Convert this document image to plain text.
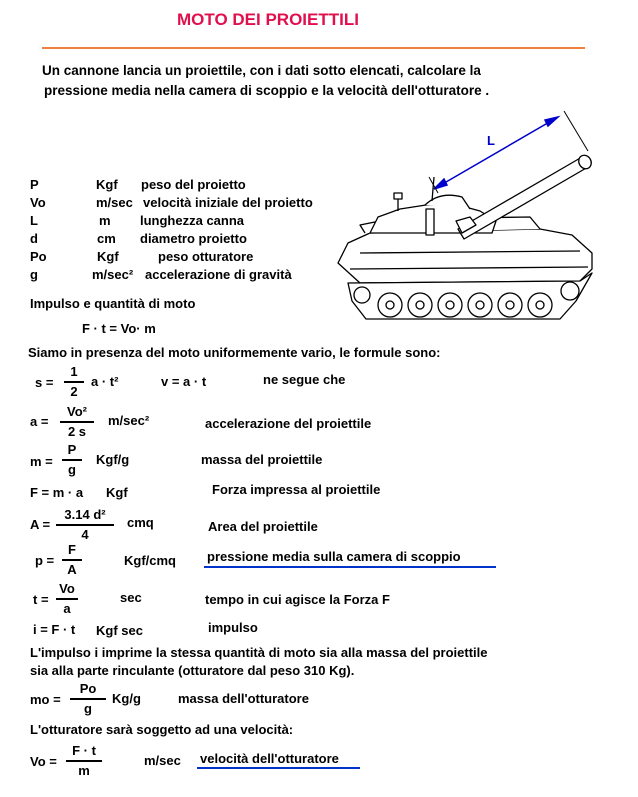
MOTO DEI PROIETTILI
Un cannone lancia un proiettile, con i dati sotto elencati, calcolare la
pressione media nella camera di scoppio e la velocità dell'otturatore .
P	Kgf peso del proietto
Vo	m/sec velocità iniziale del proietto
L	m lunghezza canna
d	cm diametro proietto
Po	Kgf	peso otturatore
g	m/sec² accelerazione di gravità
L
Impulso e quantità di moto
F · t = Vo· m
Siamo in presenza del moto uniformemente vario, le formule sono:
s =
1
2
a · t²	v = a · t	ne segue che
a =
Vo²
2 s
m/sec²	accelerazione del proiettile
m =
P
g
Kgf/g	massa del proiettile
F = m · a Kgf	Forza impressa al proiettile
A =
3.14 d²
4
cmq	Area del proiettile
p =
F
A
Kgf/cmq pressione media sulla camera di scoppio
t =
Vo
a
sec	tempo in cui agisce la Forza F
i = F · t Kgf sec	impulso
L'impulso i imprime la stessa quantità di moto sia alla massa del proiettile
sia alla parte rinculante (otturatore dal peso 310 Kg).
mo =
Po
g
Kg/g	massa dell'otturatore
L'otturatore sarà soggetto ad una velocità:
Vo =
F · t
m
m/sec velocità dell'otturatore
